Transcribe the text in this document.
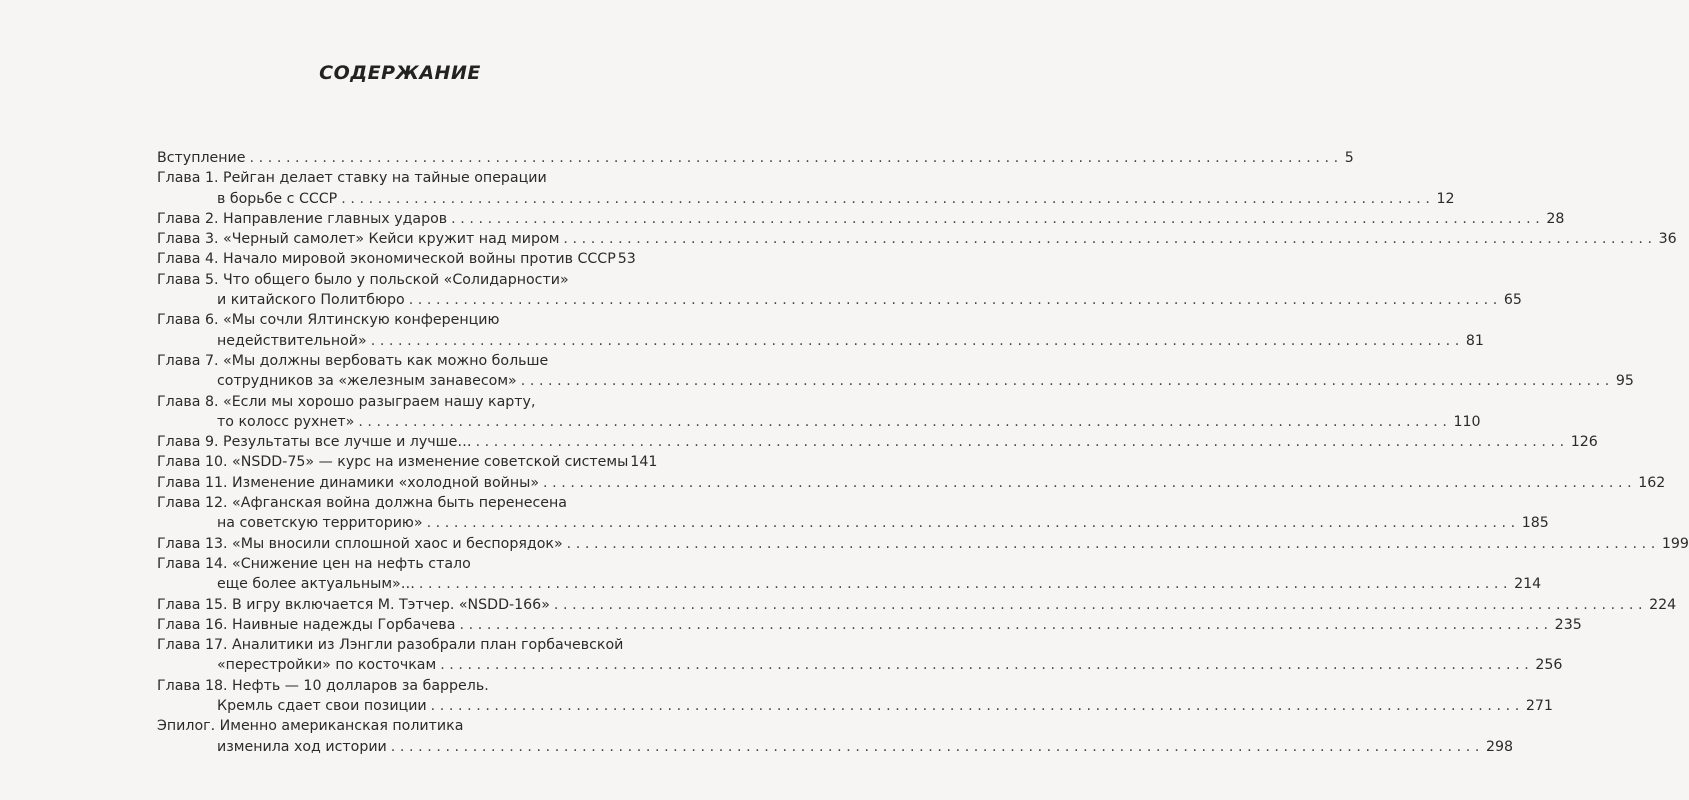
СОДЕРЖАНИЕ
Вступление ........................................................................................................................ 5
Глава 1. Рейган делает ставку на тайные операции
в борьбе с СССР ........................................................................................................................ 12
Глава 2. Направление главных ударов ........................................................................................................................ 28
Глава 3. «Черный самолет» Кейси кружит над миром ........................................................................................................................ 36
Глава 4. Начало мировой экономической войны против СССР 53
Глава 5. Что общего было у польской «Солидарности»
и китайского Политбюро ........................................................................................................................ 65
Глава 6. «Мы сочли Ялтинскую конференцию
недействительной» ........................................................................................................................ 81
Глава 7. «Мы должны вербовать как можно больше
сотрудников за «железным занавесом» ........................................................................................................................ 95
Глава 8. «Если мы хорошо разыграем нашу карту,
то колосс рухнет» ........................................................................................................................ 110
Глава 9. Результаты все лучше и лучше… ........................................................................................................................ 126
Глава 10. «NSDD-75» — курс на изменение советской системы 141
Глава 11. Изменение динамики «холодной войны» ........................................................................................................................ 162
Глава 12. «Афганская война должна быть перенесена
на советскую территорию» ........................................................................................................................ 185
Глава 13. «Мы вносили сплошной хаос и беспорядок» ........................................................................................................................ 199
Глава 14. «Снижение цен на нефть стало
еще более актуальным»… ........................................................................................................................ 214
Глава 15. В игру включается М. Тэтчер. «NSDD-166» ........................................................................................................................ 224
Глава 16. Наивные надежды Горбачева ........................................................................................................................ 235
Глава 17. Аналитики из Лэнгли разобрали план горбачевской
«перестройки» по косточкам ........................................................................................................................ 256
Глава 18. Нефть — 10 долларов за баррель.
Кремль сдает свои позиции ........................................................................................................................ 271
Эпилог. Именно американская политика
изменила ход истории ........................................................................................................................ 298
